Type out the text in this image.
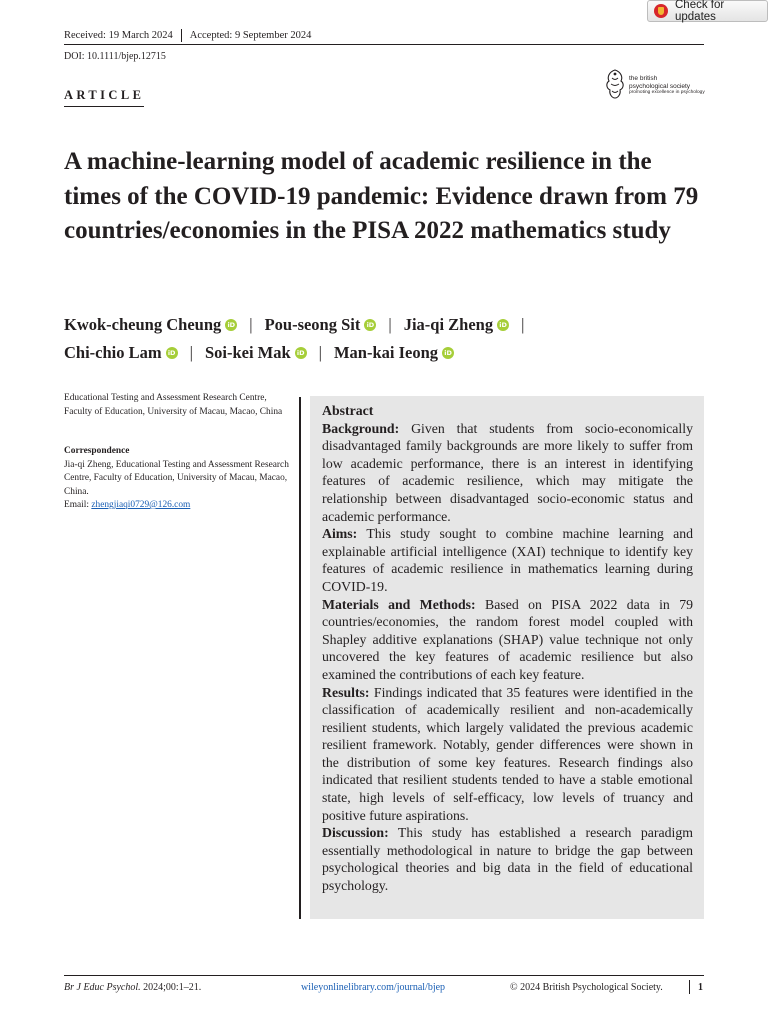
Check for updates
Received: 19 March 2024 Accepted: 9 September 2024
DOI: 10.1111/bjep.12715
ARTICLE
the british
psychological society
promoting excellence in psychology
A machine-learning model of academic resilience in the times of the COVID-19 pandemic: Evidence drawn from 79 countries/economies in the PISA 2022 mathematics study
Kwok-cheung Cheung iD | Pou-seong Sit iD | Jia-qi Zheng iD |

Chi-chio Lam iD | Soi-kei Mak iD | Man-kai Ieong iD
Educational Testing and Assessment Research Centre, Faculty of Education, University of Macau, Macao, China
Correspondence
Jia-qi Zheng, Educational Testing and Assessment Research Centre, Faculty of Education, University of Macau, Macao, China.
Email: zhengjiaqi0729@126.com
Abstract

Background: Given that students from socio-economically disadvantaged family backgrounds are more likely to suffer from low academic performance, there is an interest in identifying features of academic resilience, which may mitigate the relationship between disadvantaged socio-economic status and academic performance.

Aims: This study sought to combine machine learning and explainable artificial intelligence (XAI) technique to identify key features of academic resilience in mathematics learning during COVID-19.

Materials and Methods: Based on PISA 2022 data in 79 countries/economies, the random forest model coupled with Shapley additive explanations (SHAP) value technique not only uncovered the key features of academic resilience but also examined the contributions of each key feature.

Results: Findings indicated that 35 features were identified in the classification of academically resilient and non-academically resilient students, which largely validated the previous academic resilient framework. Notably, gender differences were shown in the distribution of some key features. Research findings also indicated that resilient students tended to have a stable emotional state, high levels of self-efficacy, low levels of truancy and positive future aspirations.

Discussion: This study has established a research paradigm essentially methodological in nature to bridge the gap between psychological theories and big data in the field of educational psychology.

Br J Educ Psychol. 2024;00:1–21.	wileyonlinelibrary.com/journal/bjep	© 2024 British Psychological Society.	1
